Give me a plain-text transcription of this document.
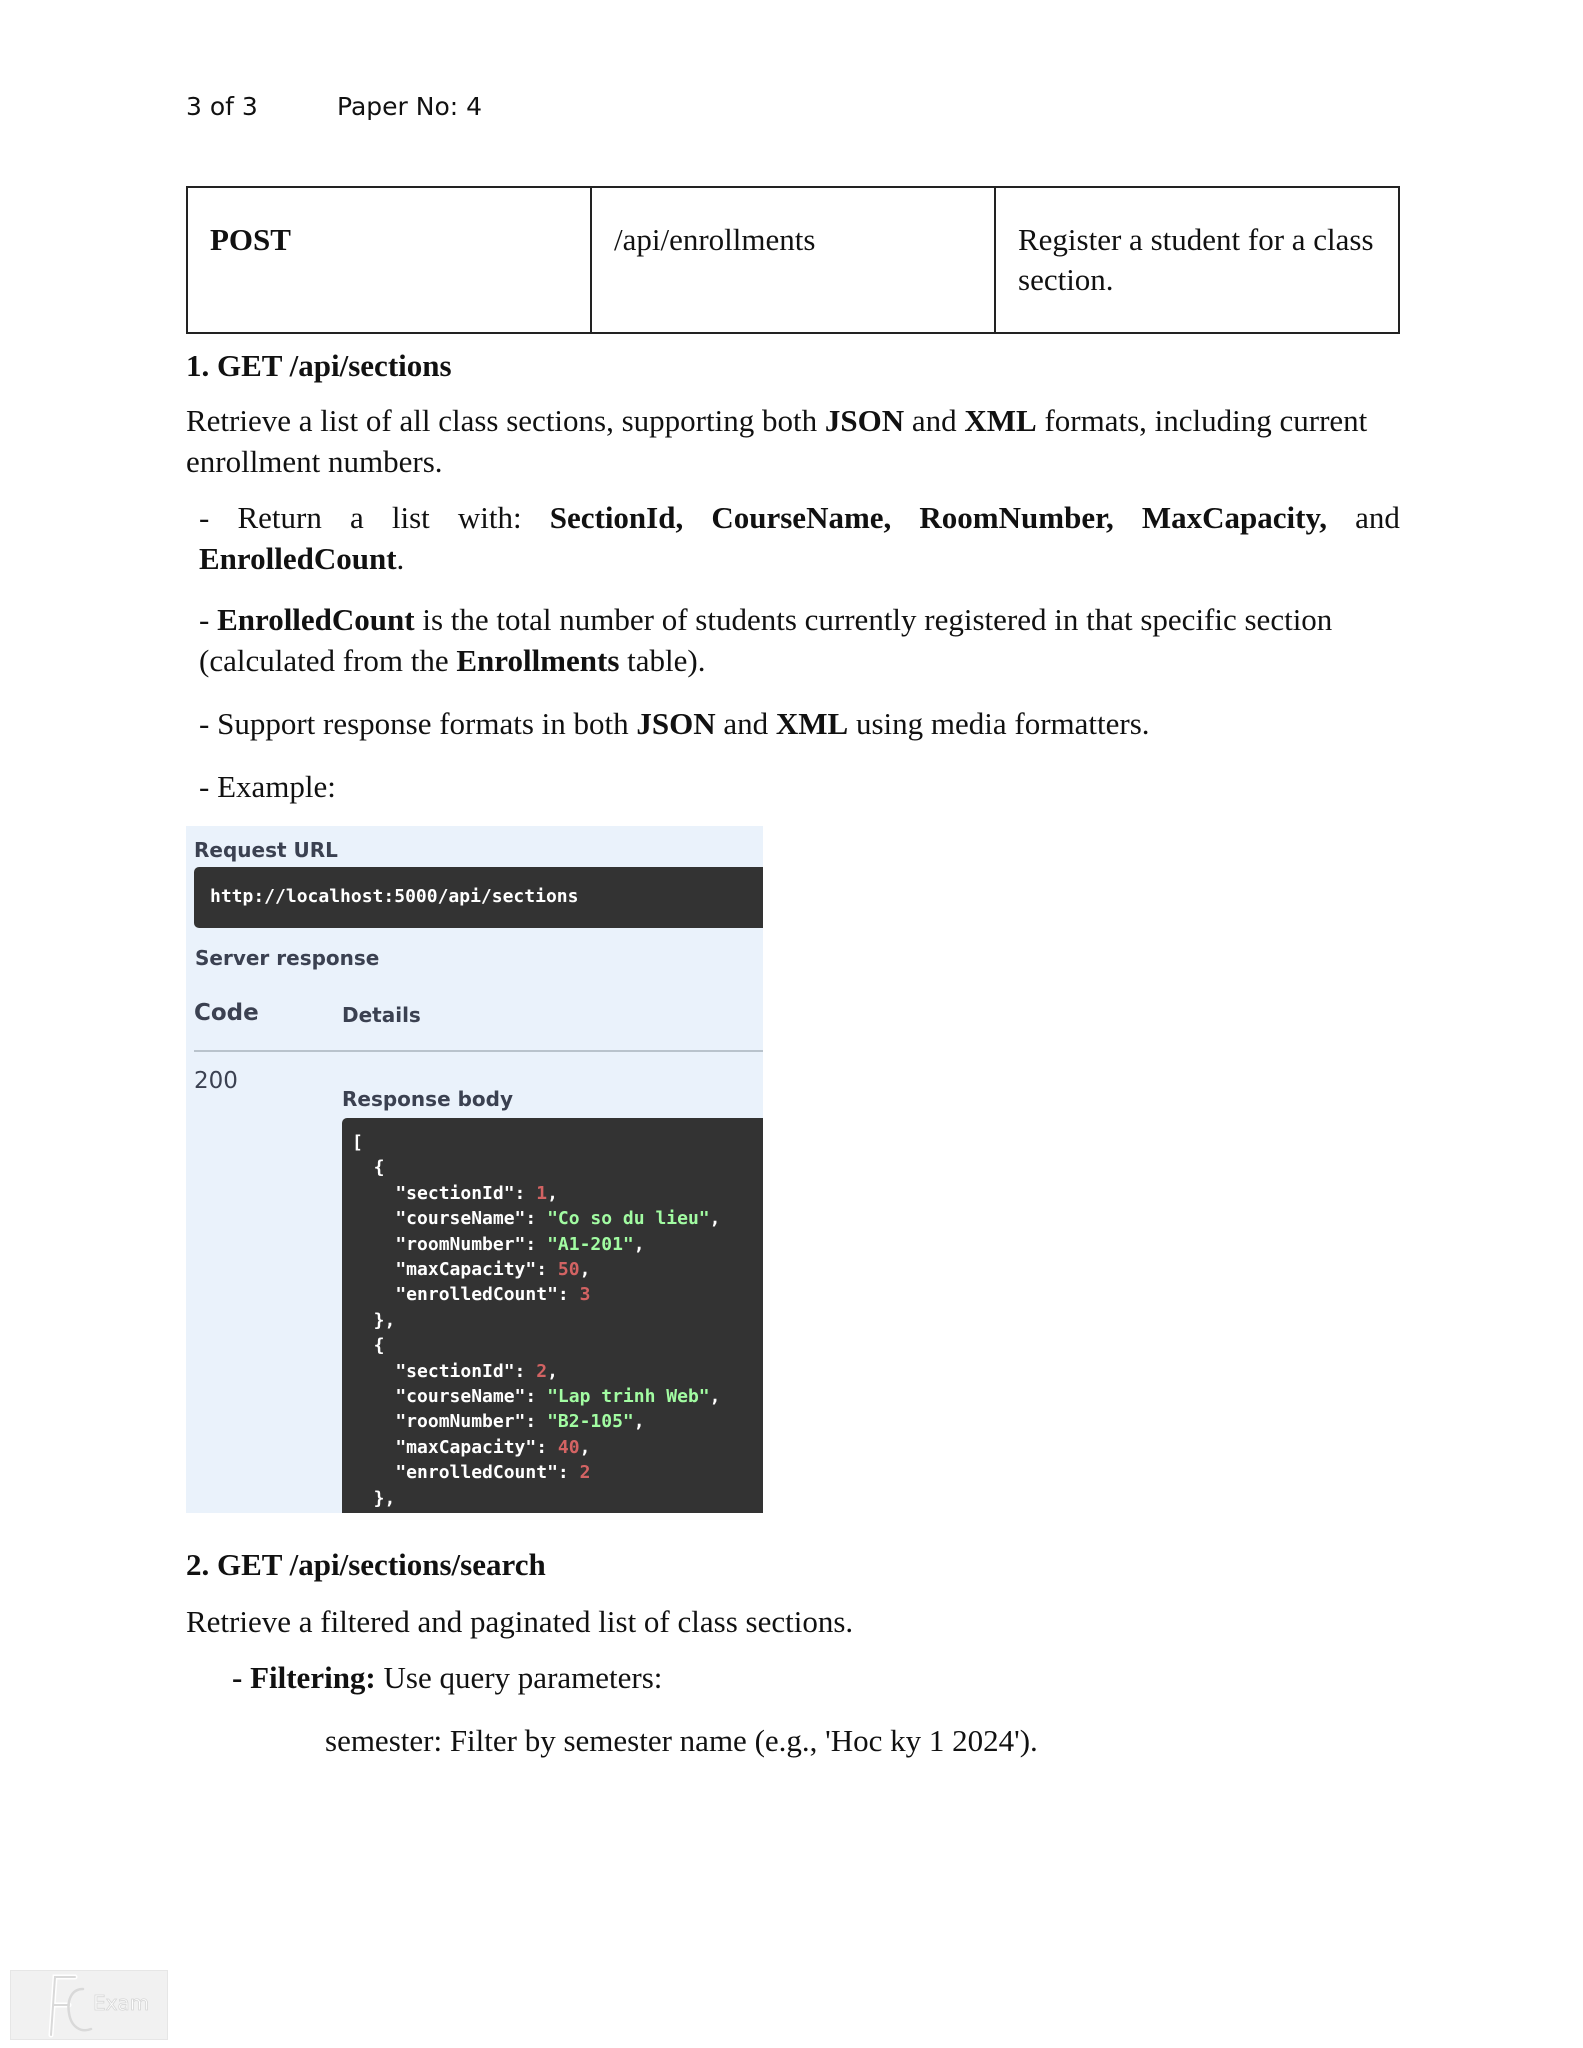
3 of 3	Paper No: 4
POST	/api/enrollments	Register a student for a class section.
1. GET /api/sections
Retrieve a list of all class sections, supporting both JSON and XML formats, including current
enrollment numbers.
- Return a list with: SectionId, CourseName, RoomNumber, MaxCapacity, and
EnrolledCount.
- EnrolledCount is the total number of students currently registered in that specific section
(calculated from the Enrollments table).
- Support response formats in both JSON and XML using media formatters.
- Example:
Request URL
http://localhost:5000/api/sections
Server response
Code	Details
200
Response body
[
{
"sectionId": 1,
"courseName": "Co so du lieu",
"roomNumber": "A1-201",
"maxCapacity": 50,
"enrolledCount": 3
},
{
"sectionId": 2,
"courseName": "Lap trinh Web",
"roomNumber": "B2-105",
"maxCapacity": 40,
"enrolledCount": 2
},
2. GET /api/sections/search
Retrieve a filtered and paginated list of class sections.
- Filtering: Use query parameters:
semester: Filter by semester name (e.g., 'Hoc ky 1 2024').
Exam
